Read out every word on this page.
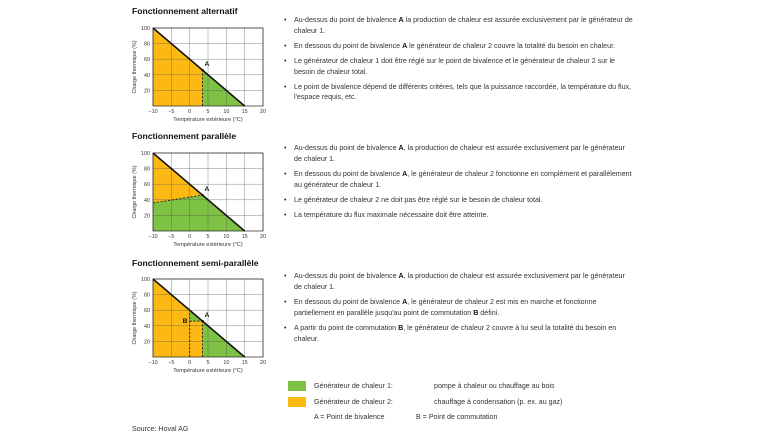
Fonctionnement alternatif
Fonctionnement parallèle
Fonctionnement semi-parallèle
A
20
40
60
80
100
−10 −5	0	5	10 15 20
Température extérieure (°C)
Charge thermique (%)
A
20
40
60
80
100
−10 −5	0	5	10 15 20
Température extérieure (°C)
Charge thermique (%)
A
B
20
40
60
80
100
−10 −5	0	5	10 15 20
Température extérieure (°C)
Charge thermique (%)
• Au-dessus du point de bivalence A la production de chaleur est assurée exclusivement par le générateur de chaleur 1.
• En dessous du point de bivalence A le générateur de chaleur 2 couvre la totalité du besoin en chaleur.
• Le générateur de chaleur 1 doit être réglé sur le point de bivalence et le générateur de chaleur 2 sur le besoin de chaleur total.
• Le point de bivalence dépend de différents critères, tels que la puissance raccordée, la température du flux, l'espace requis, etc.
• Au-dessus du point de bivalence A, la production de chaleur est assurée exclusivement par le générateur de chaleur 1.
• En dessous du point de bivalence A, le générateur de chaleur 2 fonctionne en complément et parallèlement au générateur de chaleur 1.
• Le générateur de chaleur 2 ne doit pas être réglé sur le besoin de chaleur total.
• La température du flux maximale nécessaire doit être atteinte.
• Au-dessus du point de bivalence A, la production de chaleur est assurée exclusivement par le générateur de chaleur 1.
• En dessous du point de bivalence A, le générateur de chaleur 2 est mis en marche et fonctionne partiellement en parallèle jusqu'au point de commutation B défini.
• A partir du point de commutation B, le générateur de chaleur 2 couvre à lui seul la totalité du besoin en chaleur.
Générateur de chaleur 1:	pompe à chaleur ou chauffage au bois
Générateur de chaleur 2:	chauffage à condensation (p. ex. au gaz)
A = Point de bivalence	B = Point de commutation
Source: Hoval AG
